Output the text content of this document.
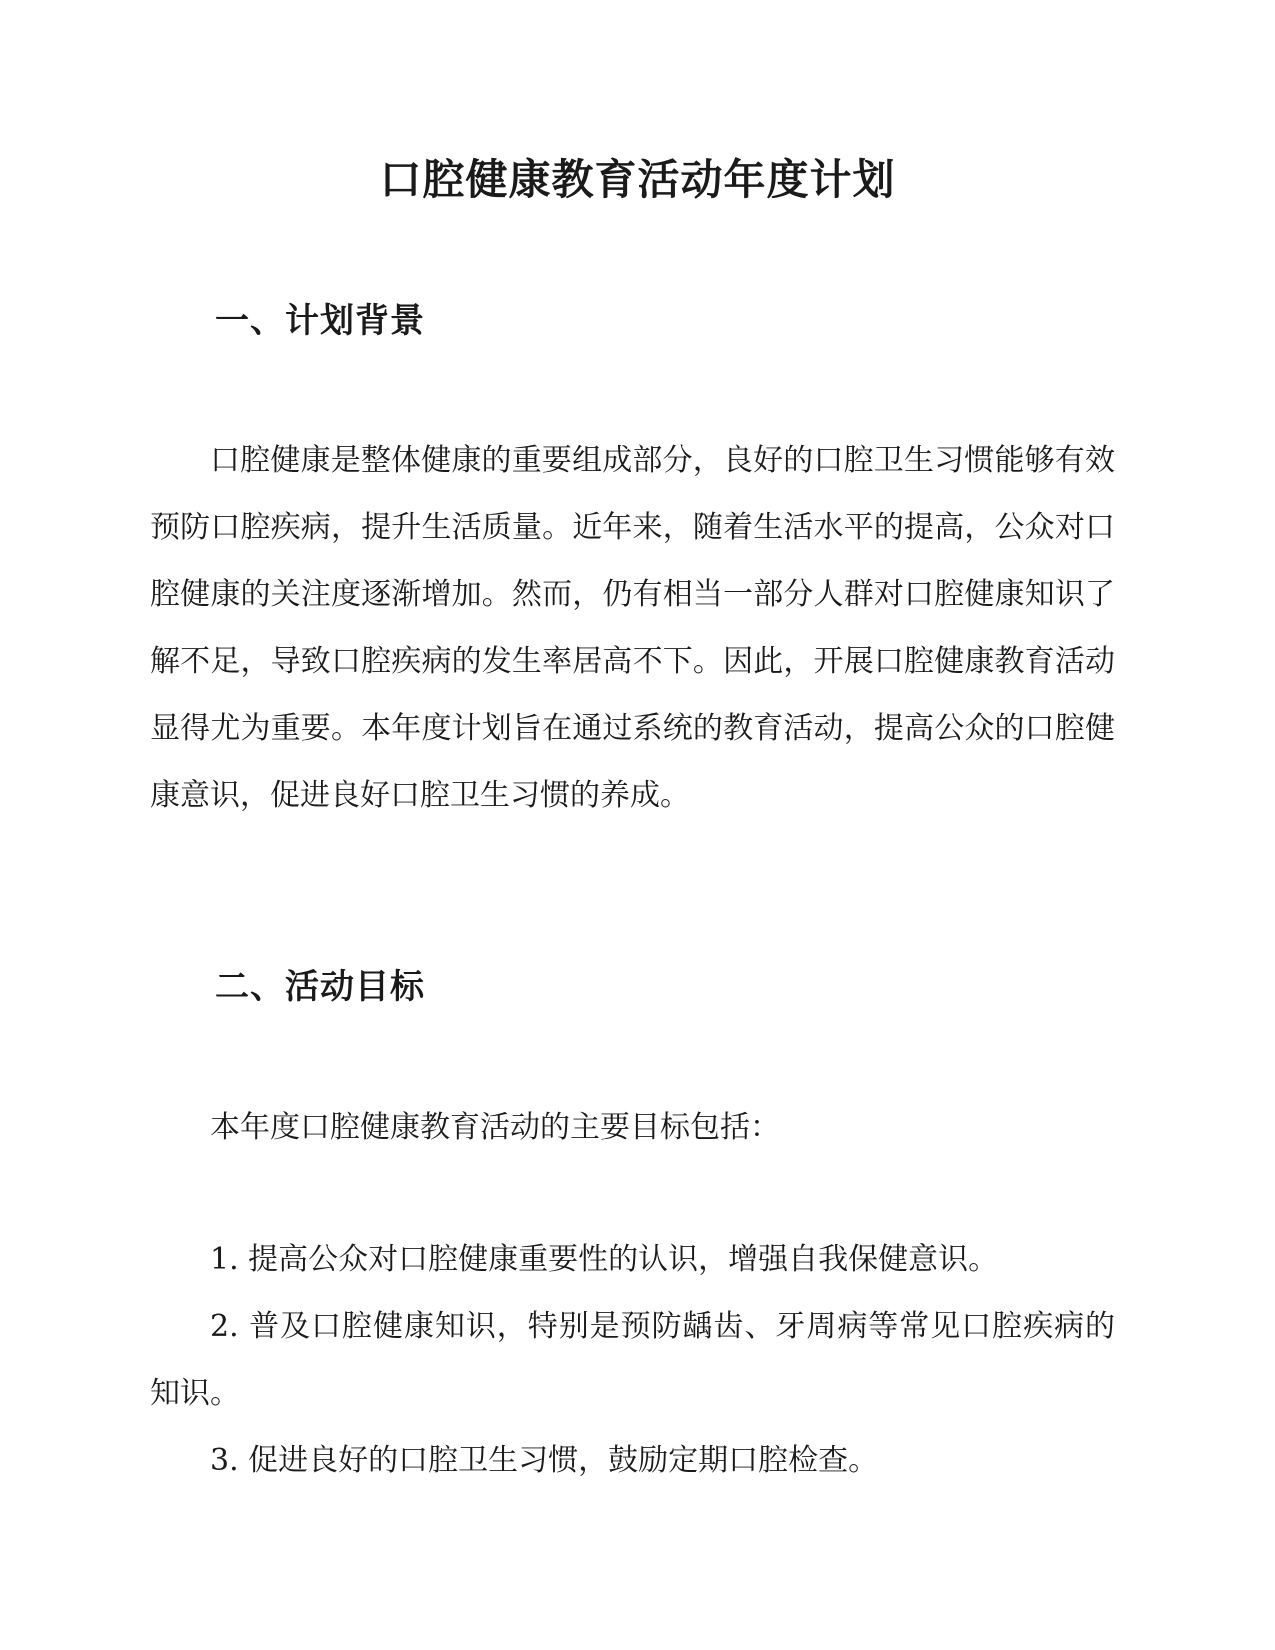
口腔健康教育活动年度计划
一、计划背景

口腔健康是整体健康的重要组成部分，良好的口腔卫生习惯能够有效预防口腔疾病，提升生活质量。近年来，随着生活水平的提高，公众对口腔健康的关注度逐渐增加。然而，仍有相当一部分人群对口腔健康知识了解不足，导致口腔疾病的发生率居高不下。因此，开展口腔健康教育活动显得尤为重要。本年度计划旨在通过系统的教育活动，提高公众的口腔健康意识，促进良好口腔卫生习惯的养成。

二、活动目标

本年度口腔健康教育活动的主要目标包括：

1. 提高公众对口腔健康重要性的认识，增强自我保健意识。
2. 普及口腔健康知识，特别是预防龋齿、牙周病等常见口腔疾病的知识。
3. 促进良好的口腔卫生习惯，鼓励定期口腔检查。
